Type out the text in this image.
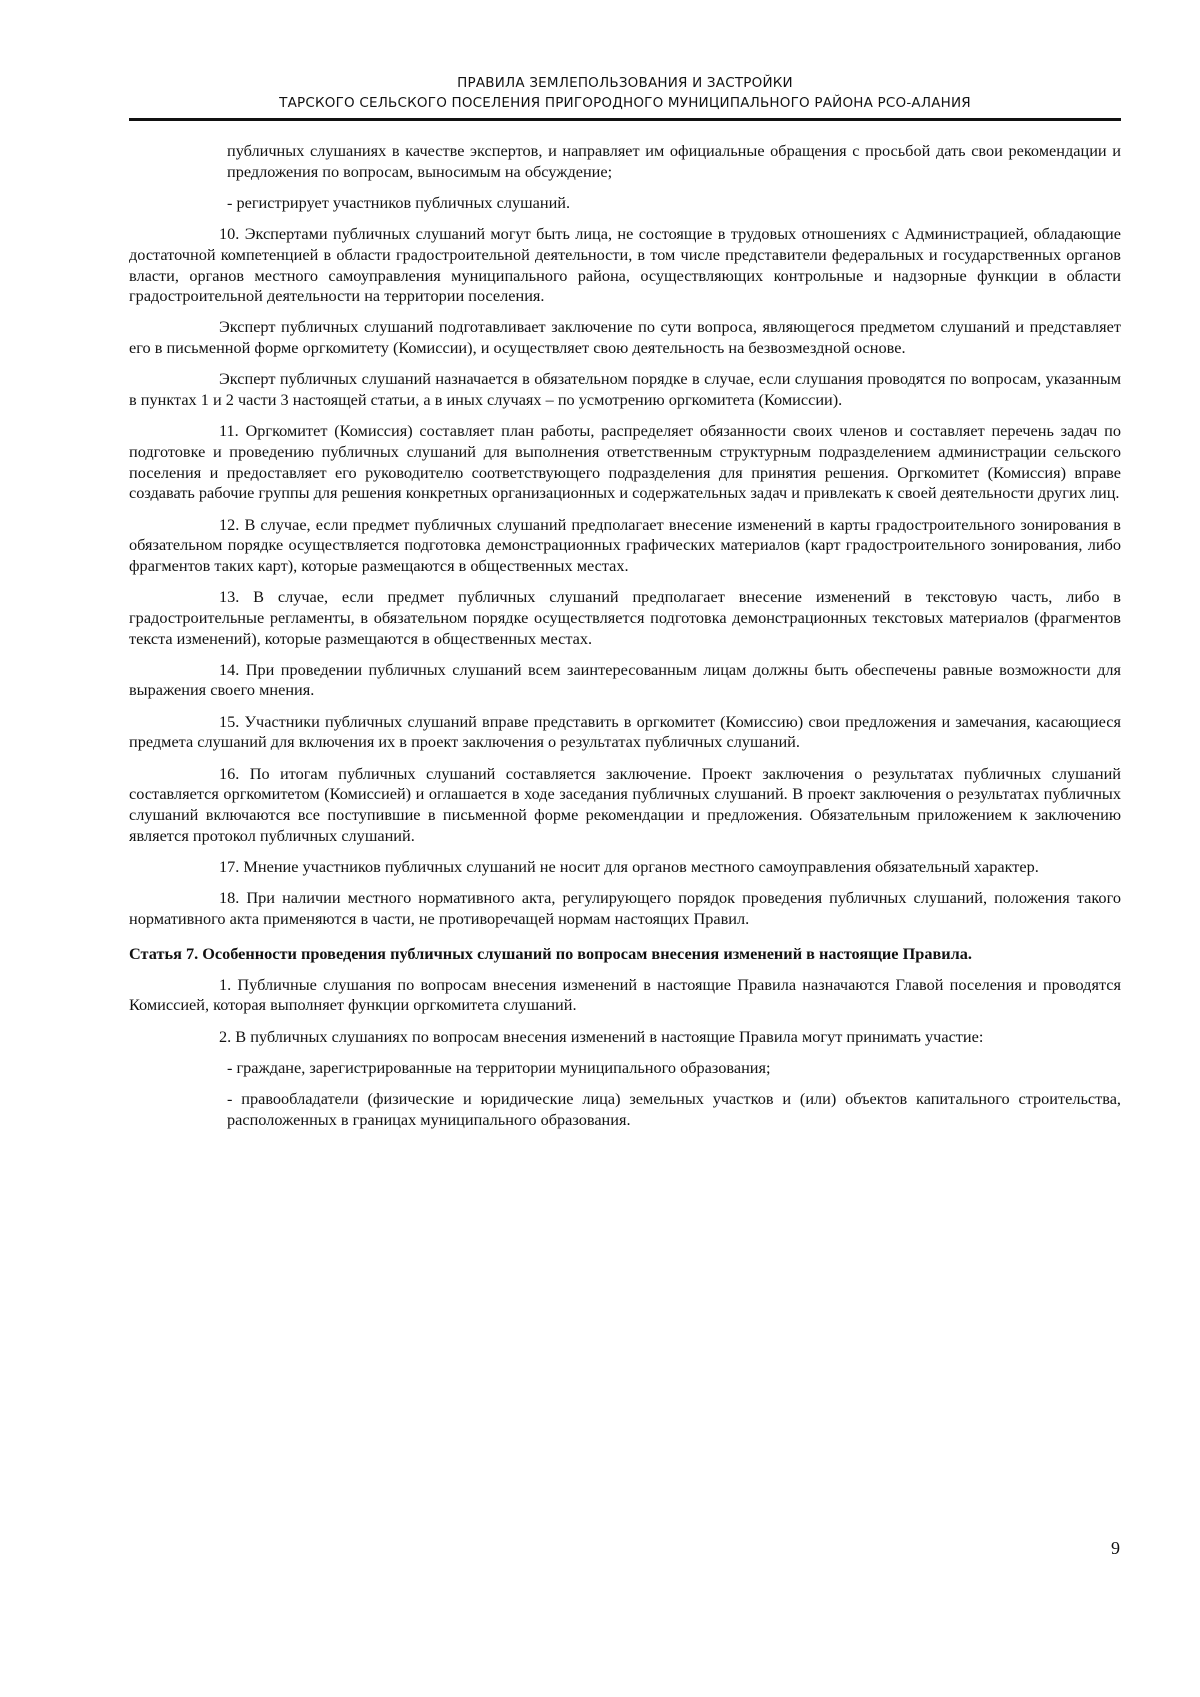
ПРАВИЛА ЗЕМЛЕПОЛЬЗОВАНИЯ И ЗАСТРОЙКИ
ТАРСКОГО СЕЛЬСКОГО ПОСЕЛЕНИЯ ПРИГОРОДНОГО МУНИЦИПАЛЬНОГО РАЙОНА РСО-АЛАНИЯ

публичных слушаниях в качестве экспертов, и направляет им официальные обращения с просьбой дать свои рекомендации и предложения по вопросам, выносимым на обсуждение;

- регистрирует участников публичных слушаний.

10. Экспертами публичных слушаний могут быть лица, не состоящие в трудовых отношениях с Администрацией, обладающие достаточной компетенцией в области градостроительной деятельности, в том числе представители федеральных и государственных органов власти, органов местного самоуправления муниципального района, осуществляющих контрольные и надзорные функции в области градостроительной деятельности на территории поселения.

Эксперт публичных слушаний подготавливает заключение по сути вопроса, являющегося предметом слушаний и представляет его в письменной форме оргкомитету (Комиссии), и осуществляет свою деятельность на безвозмездной основе.

Эксперт публичных слушаний назначается в обязательном порядке в случае, если слушания проводятся по вопросам, указанным в пунктах 1 и 2 части 3 настоящей статьи, а в иных случаях – по усмотрению оргкомитета (Комиссии).

11. Оргкомитет (Комиссия) составляет план работы, распределяет обязанности своих членов и составляет перечень задач по подготовке и проведению публичных слушаний для выполнения ответственным структурным подразделением администрации сельского поселения и предоставляет его руководителю соответствующего подразделения для принятия решения. Оргкомитет (Комиссия) вправе создавать рабочие группы для решения конкретных организационных и содержательных задач и привлекать к своей деятельности других лиц.

12. В случае, если предмет публичных слушаний предполагает внесение изменений в карты градостроительного зонирования в обязательном порядке осуществляется подготовка демонстрационных графических материалов (карт градостроительного зонирования, либо фрагментов таких карт), которые размещаются в общественных местах.

13. В случае, если предмет публичных слушаний предполагает внесение изменений в текстовую часть, либо в градостроительные регламенты, в обязательном порядке осуществляется подготовка демонстрационных текстовых материалов (фрагментов текста изменений), которые размещаются в общественных местах.

14. При проведении публичных слушаний всем заинтересованным лицам должны быть обеспечены равные возможности для выражения своего мнения.

15. Участники публичных слушаний вправе представить в оргкомитет (Комиссию) свои предложения и замечания, касающиеся предмета слушаний для включения их в проект заключения о результатах публичных слушаний.

16. По итогам публичных слушаний составляется заключение. Проект заключения о результатах публичных слушаний составляется оргкомитетом (Комиссией) и оглашается в ходе заседания публичных слушаний. В проект заключения о результатах публичных слушаний включаются все поступившие в письменной форме рекомендации и предложения. Обязательным приложением к заключению является протокол публичных слушаний.

17. Мнение участников публичных слушаний не носит для органов местного самоуправления обязательный характер.

18. При наличии местного нормативного акта, регулирующего порядок проведения публичных слушаний, положения такого нормативного акта применяются в части, не противоречащей нормам настоящих Правил.

Статья 7. Особенности проведения публичных слушаний по вопросам внесения изменений в настоящие Правила.

1. Публичные слушания по вопросам внесения изменений в настоящие Правила назначаются Главой поселения и проводятся Комиссией, которая выполняет функции оргкомитета слушаний.

2. В публичных слушаниях по вопросам внесения изменений в настоящие Правила могут принимать участие:

- граждане, зарегистрированные на территории муниципального образования;

- правообладатели (физические и юридические лица) земельных участков и (или) объектов капитального строительства, расположенных в границах муниципального образования.

9
